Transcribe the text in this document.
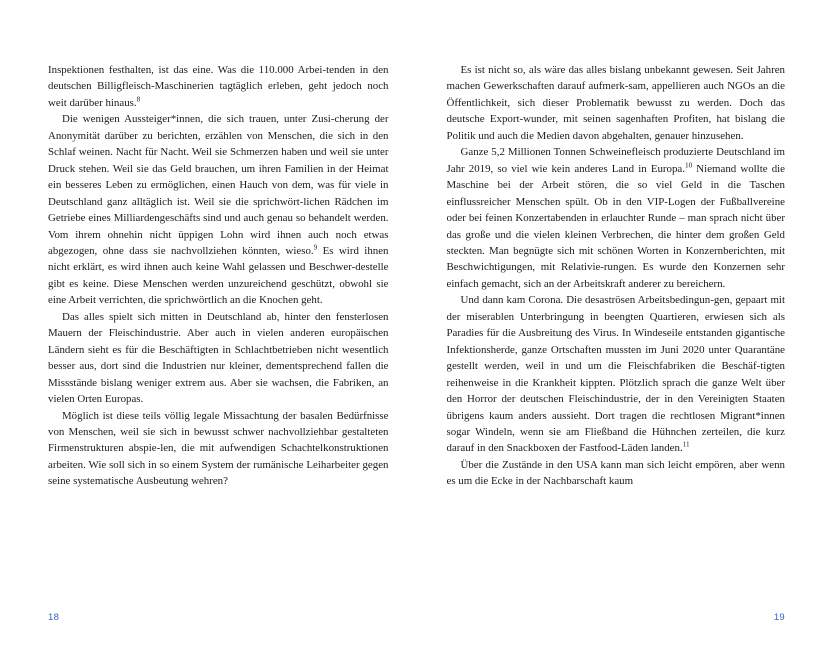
Inspektionen festhalten, ist das eine. Was die 110.000 Arbei-tenden in den deutschen Billigfleisch-Maschinerien tagtäglich erleben, geht jedoch noch weit darüber hinaus.$^8$

Die wenigen Aussteiger*innen, die sich trauen, unter Zusi-cherung der Anonymität darüber zu berichten, erzählen von Menschen, die sich in den Schlaf weinen. Nacht für Nacht. Weil sie Schmerzen haben und weil sie unter Druck stehen. Weil sie das Geld brauchen, um ihren Familien in der Heimat ein besseres Leben zu ermöglichen, einen Hauch von dem, was für viele in Deutschland ganz alltäglich ist. Weil sie die sprichwört-lichen Rädchen im Getriebe eines Milliardengeschäfts sind und auch genau so behandelt werden. Vom ihrem ohnehin nicht üppigen Lohn wird ihnen auch noch etwas abgezogen, ohne dass sie nachvollziehen könnten, wieso.$^9$ Es wird ihnen nicht erklärt, es wird ihnen auch keine Wahl gelassen und Beschwer-destelle gibt es keine. Diese Menschen werden unzureichend geschützt, obwohl sie eine Arbeit verrichten, die sprichwörtlich an die Knochen geht.

Das alles spielt sich mitten in Deutschland ab, hinter den fensterlosen Mauern der Fleischindustrie. Aber auch in vielen anderen europäischen Ländern sieht es für die Beschäftigten in Schlachtbetrieben nicht wesentlich besser aus, dort sind die Industrien nur kleiner, dementsprechend fallen die Missstände bislang weniger extrem aus. Aber sie wachsen, die Fabriken, an vielen Orten Europas.

Möglich ist diese teils völlig legale Missachtung der basalen Bedürfnisse von Menschen, weil sie sich in bewusst schwer nachvollziehbar gestalteten Firmenstrukturen abspie-len, die mit aufwendigen Schachtelkonstruktionen arbeiten. Wie soll sich in so einem System der rumänische Leiharbeiter gegen seine systematische Ausbeutung wehren?

18

Es ist nicht so, als wäre das alles bislang unbekannt gewesen. Seit Jahren machen Gewerkschaften darauf aufmerk-sam, appellieren auch NGOs an die Öffentlichkeit, sich dieser Problematik bewusst zu werden. Doch das deutsche Export-wunder, mit seinen sagenhaften Profiten, hat bislang die Politik und auch die Medien davon abgehalten, genauer hinzusehen.

Ganze 5,2 Millionen Tonnen Schweinefleisch produzierte Deutschland im Jahr 2019, so viel wie kein anderes Land in Europa.$^{10}$ Niemand wollte die Maschine bei der Arbeit stören, die so viel Geld in die Taschen einflussreicher Menschen spült. Ob in den VIP-Logen der Fußballvereine oder bei feinen Konzertabenden in erlauchter Runde – man sprach nicht über das große und die vielen kleinen Verbrechen, die hinter dem großen Geld steckten. Man begnügte sich mit schönen Worten in Konzernberichten, mit Beschwichtigungen, mit Relativie-rungen. Es wurde den Konzernen sehr einfach gemacht, sich an der Arbeitskraft anderer zu bereichern.

Und dann kam Corona. Die desaströsen Arbeitsbedingun-gen, gepaart mit der miserablen Unterbringung in beengten Quartieren, erwiesen sich als Paradies für die Ausbreitung des Virus. In Windeseile entstanden gigantische Infektionsherde, ganze Ortschaften mussten im Juni 2020 unter Quarantäne gestellt werden, weil in und um die Fleischfabriken die Beschäf-tigten reihenweise in die Krankheit kippten. Plötzlich sprach die ganze Welt über den Horror der deutschen Fleischindustrie, der in den Vereinigten Staaten übrigens kaum anders aussieht. Dort tragen die rechtlosen Migrant*innen sogar Windeln, wenn sie am Fließband die Hühnchen zerteilen, die kurz darauf in den Snackboxen der Fastfood-Läden landen.$^{11}$

Über die Zustände in den USA kann man sich leicht empören, aber wenn es um die Ecke in der Nachbarschaft kaum

19
